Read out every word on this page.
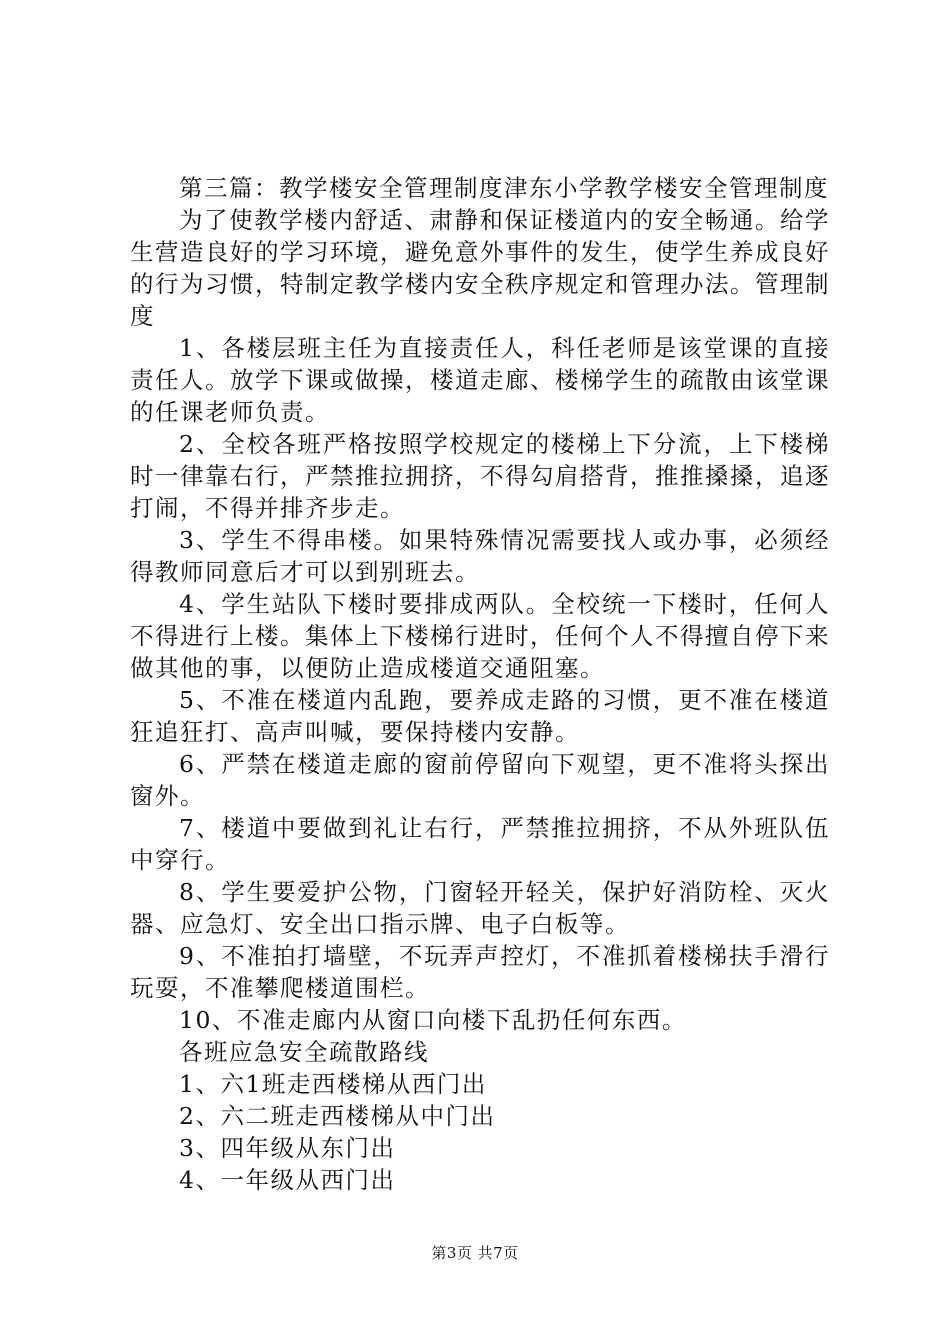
第三篇：教学楼安全管理制度津东小学教学楼安全管理制度

为了使教学楼内舒适、肃静和保证楼道内的安全畅通。给学生营造良好的学习环境，避免意外事件的发生，使学生养成良好的行为习惯，特制定教学楼内安全秩序规定和管理办法。管理制度

1、各楼层班主任为直接责任人，科任老师是该堂课的直接责任人。放学下课或做操，楼道走廊、楼梯学生的疏散由该堂课的任课老师负责。

2、全校各班严格按照学校规定的楼梯上下分流，上下楼梯时一律靠右行，严禁推拉拥挤，不得勾肩搭背，推推搡搡，追逐打闹，不得并排齐步走。

3、学生不得串楼。如果特殊情况需要找人或办事，必须经得教师同意后才可以到别班去。

4、学生站队下楼时要排成两队。全校统一下楼时，任何人不得进行上楼。集体上下楼梯行进时，任何个人不得擅自停下来做其他的事，以便防止造成楼道交通阻塞。

5、不准在楼道内乱跑，要养成走路的习惯，更不准在楼道狂追狂打、高声叫喊，要保持楼内安静。

6、严禁在楼道走廊的窗前停留向下观望，更不准将头探出窗外。

7、楼道中要做到礼让右行，严禁推拉拥挤，不从外班队伍中穿行。

8、学生要爱护公物，门窗轻开轻关，保护好消防栓、灭火器、应急灯、安全出口指示牌、电子白板等。

9、不准拍打墙壁，不玩弄声控灯，不准抓着楼梯扶手滑行玩耍，不准攀爬楼道围栏。

10、不准走廊内从窗口向楼下乱扔任何东西。

各班应急安全疏散路线

1、六1班走西楼梯从西门出

2、六二班走西楼梯从中门出

3、四年级从东门出

4、一年级从西门出

第3页 共7页
